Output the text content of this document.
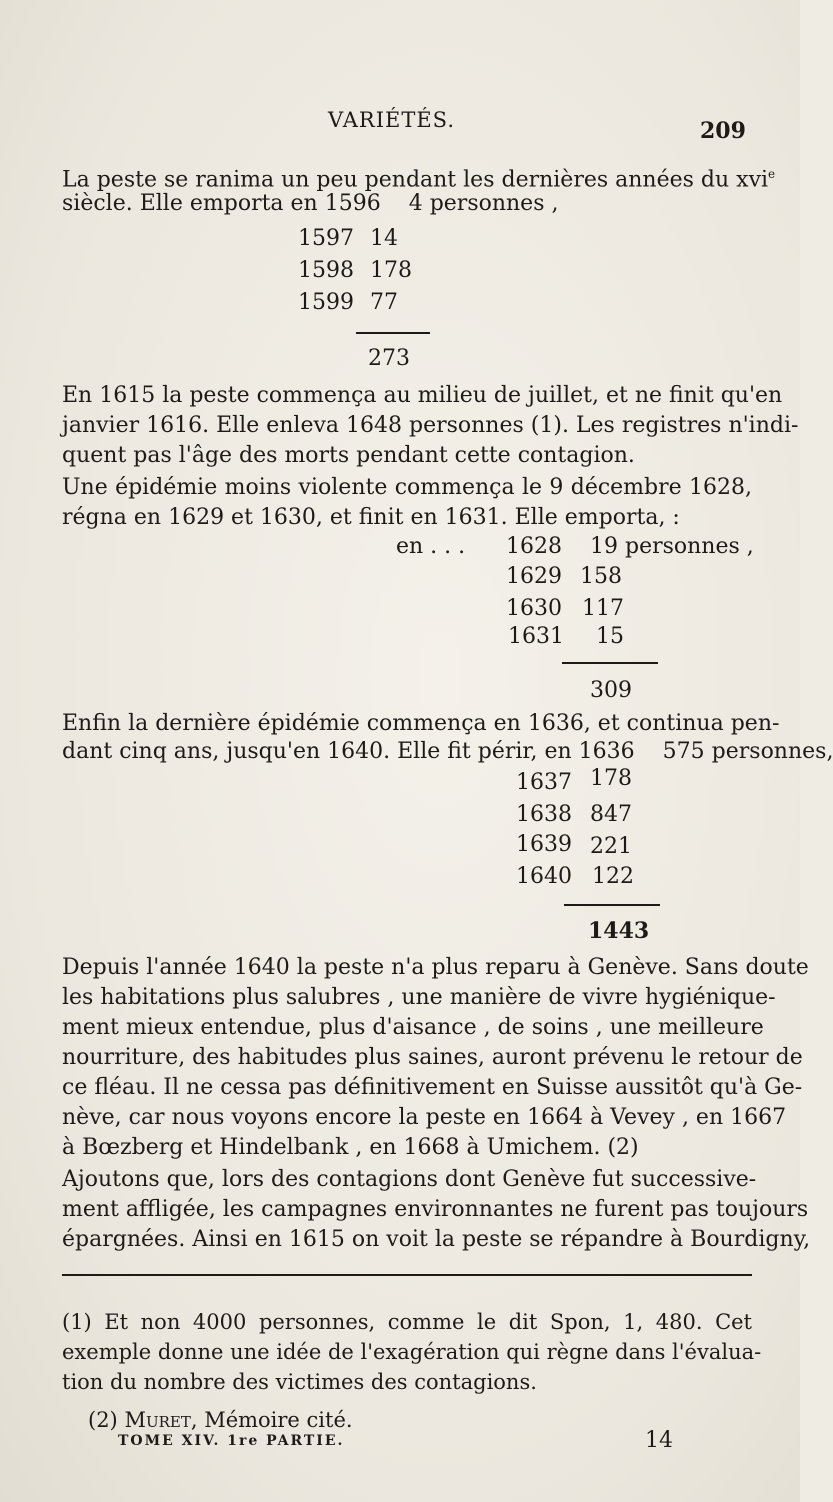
VARIÉTÉS.	209
La peste se ranima un peu pendant les dernières années du xvi$^e$
siècle. Elle emporta en 1596 4 personnes ,
1597 14
1598 178
1599 77
273
En 1615 la peste commença au milieu de juillet, et ne finit qu'en
janvier 1616. Elle enleva 1648 personnes (1). Les registres n'indi-
quent pas l'âge des morts pendant cette contagion.
Une épidémie moins violente commença le 9 décembre 1628,
régna en 1629 et 1630, et finit en 1631. Elle emporta, :
en . . . 1628 19 personnes ,
1629 158
1630 117
1631 15
309
Enfin la dernière épidémie commença en 1636, et continua pen-
dant cinq ans, jusqu'en 1640. Elle fit périr, en 1636 575 personnes,
1637 178
1638 847
1639 221
1640 122
1443
Depuis l'année 1640 la peste n'a plus reparu à Genève. Sans doute
les habitations plus salubres , une manière de vivre hygiénique-
ment mieux entendue, plus d'aisance , de soins , une meilleure
nourriture, des habitudes plus saines, auront prévenu le retour de
ce fléau. Il ne cessa pas définitivement en Suisse aussitôt qu'à Ge-
nève, car nous voyons encore la peste en 1664 à Vevey , en 1667
à Bœzberg et Hindelbank , en 1668 à Umichem. (2)
Ajoutons que, lors des contagions dont Genève fut successive-
ment affligée, les campagnes environnantes ne furent pas toujours
épargnées. Ainsi en 1615 on voit la peste se répandre à Bourdigny,
(1) Et non 4000 personnes, comme le dit Spon, 1, 480. Cet
exemple donne une idée de l'exagération qui règne dans l'évalua-
tion du nombre des victimes des contagions.
(2) Muret, Mémoire cité.
TOME XIV. 1re PARTIE.	14
